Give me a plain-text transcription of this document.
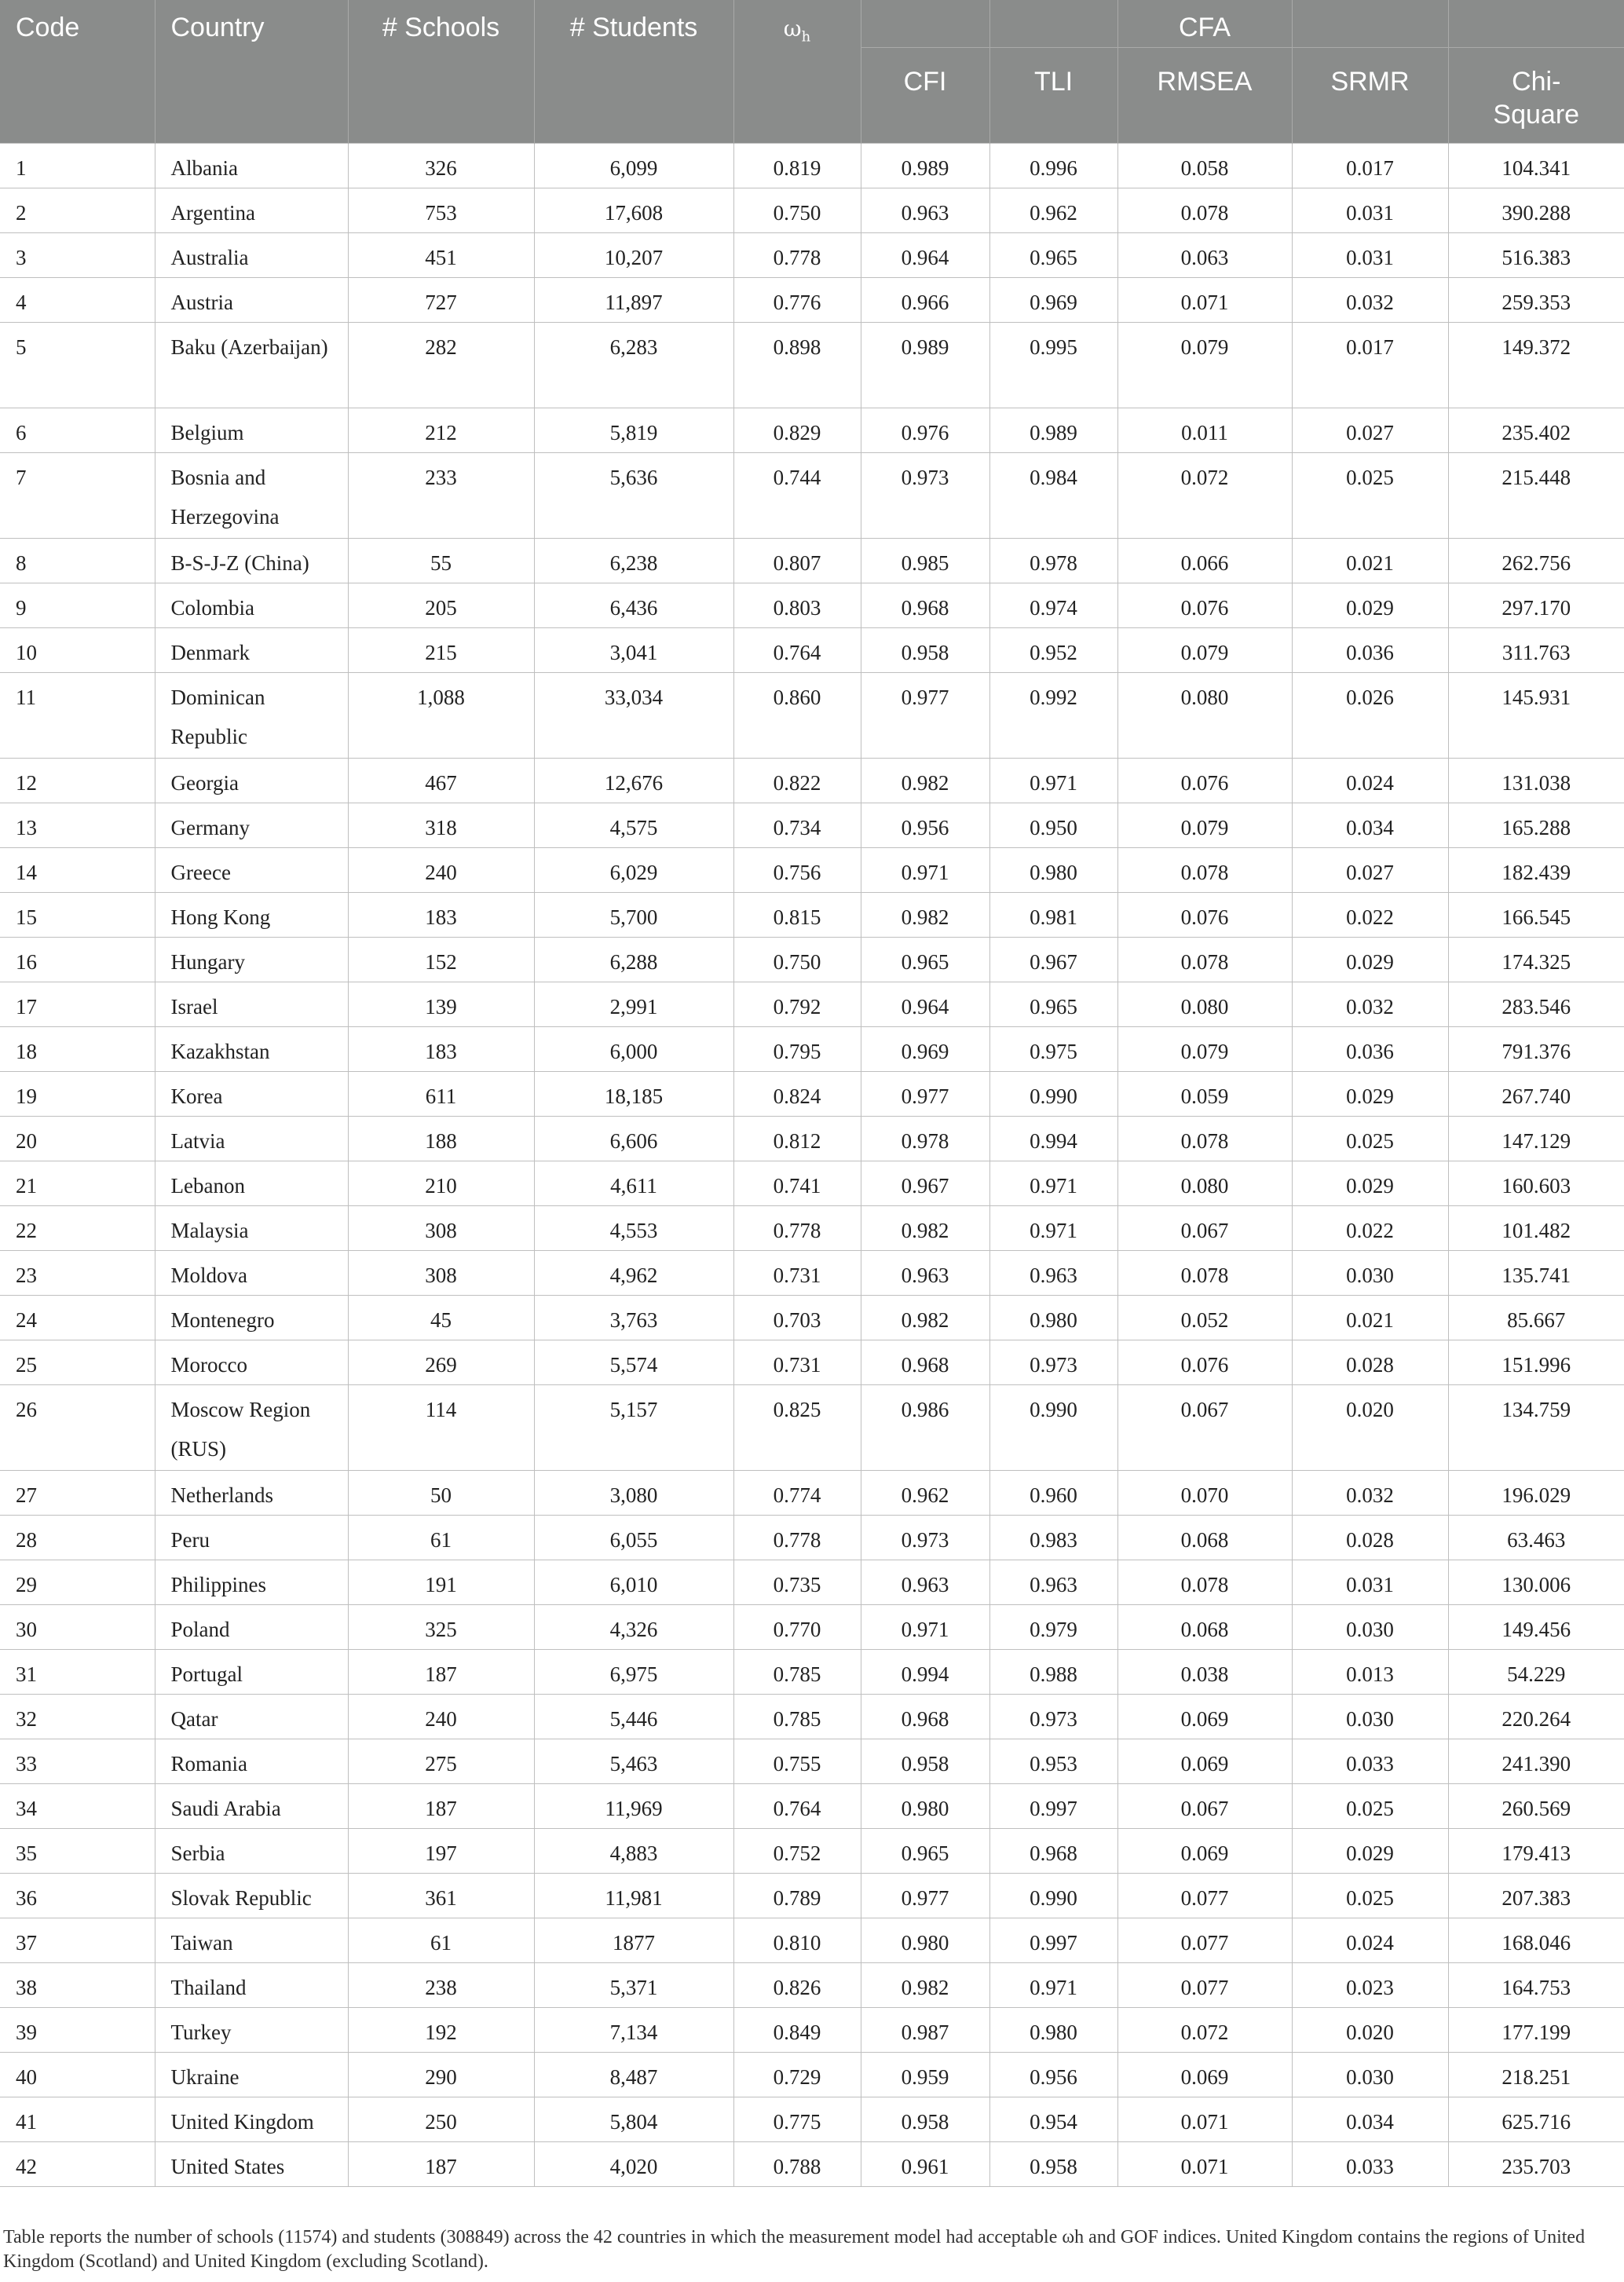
Code	Country	# Schools	# Students	$\omega_h$			CFA		
					CFI	TLI	RMSEA	SRMR	Chi-
Square
1	Albania	326	6,099	0.819	0.989	0.996	0.058	0.017	104.341
2	Argentina	753	17,608	0.750	0.963	0.962	0.078	0.031	390.288
3	Australia	451	10,207	0.778	0.964	0.965	0.063	0.031	516.383
4	Austria	727	11,897	0.776	0.966	0.969	0.071	0.032	259.353
5	Baku (Azerbaijan)	282	6,283	0.898	0.989	0.995	0.079	0.017	149.372
6	Belgium	212	5,819	0.829	0.976	0.989	0.011	0.027	235.402
7	Bosnia and Herzegovina	233	5,636	0.744	0.973	0.984	0.072	0.025	215.448
8	B-S-J-Z (China)	55	6,238	0.807	0.985	0.978	0.066	0.021	262.756
9	Colombia	205	6,436	0.803	0.968	0.974	0.076	0.029	297.170
10	Denmark	215	3,041	0.764	0.958	0.952	0.079	0.036	311.763
11	Dominican Republic	1,088	33,034	0.860	0.977	0.992	0.080	0.026	145.931
12	Georgia	467	12,676	0.822	0.982	0.971	0.076	0.024	131.038
13	Germany	318	4,575	0.734	0.956	0.950	0.079	0.034	165.288
14	Greece	240	6,029	0.756	0.971	0.980	0.078	0.027	182.439
15	Hong Kong	183	5,700	0.815	0.982	0.981	0.076	0.022	166.545
16	Hungary	152	6,288	0.750	0.965	0.967	0.078	0.029	174.325
17	Israel	139	2,991	0.792	0.964	0.965	0.080	0.032	283.546
18	Kazakhstan	183	6,000	0.795	0.969	0.975	0.079	0.036	791.376
19	Korea	611	18,185	0.824	0.977	0.990	0.059	0.029	267.740
20	Latvia	188	6,606	0.812	0.978	0.994	0.078	0.025	147.129
21	Lebanon	210	4,611	0.741	0.967	0.971	0.080	0.029	160.603
22	Malaysia	308	4,553	0.778	0.982	0.971	0.067	0.022	101.482
23	Moldova	308	4,962	0.731	0.963	0.963	0.078	0.030	135.741
24	Montenegro	45	3,763	0.703	0.982	0.980	0.052	0.021	85.667
25	Morocco	269	5,574	0.731	0.968	0.973	0.076	0.028	151.996
26	Moscow Region (RUS)	114	5,157	0.825	0.986	0.990	0.067	0.020	134.759
27	Netherlands	50	3,080	0.774	0.962	0.960	0.070	0.032	196.029
28	Peru	61	6,055	0.778	0.973	0.983	0.068	0.028	63.463
29	Philippines	191	6,010	0.735	0.963	0.963	0.078	0.031	130.006
30	Poland	325	4,326	0.770	0.971	0.979	0.068	0.030	149.456
31	Portugal	187	6,975	0.785	0.994	0.988	0.038	0.013	54.229
32	Qatar	240	5,446	0.785	0.968	0.973	0.069	0.030	220.264
33	Romania	275	5,463	0.755	0.958	0.953	0.069	0.033	241.390
34	Saudi Arabia	187	11,969	0.764	0.980	0.997	0.067	0.025	260.569
35	Serbia	197	4,883	0.752	0.965	0.968	0.069	0.029	179.413
36	Slovak Republic	361	11,981	0.789	0.977	0.990	0.077	0.025	207.383
37	Taiwan	61	1877	0.810	0.980	0.997	0.077	0.024	168.046
38	Thailand	238	5,371	0.826	0.982	0.971	0.077	0.023	164.753
39	Turkey	192	7,134	0.849	0.987	0.980	0.072	0.020	177.199
40	Ukraine	290	8,487	0.729	0.959	0.956	0.069	0.030	218.251
41	United Kingdom	250	5,804	0.775	0.958	0.954	0.071	0.034	625.716
42	United States	187	4,020	0.788	0.961	0.958	0.071	0.033	235.703
Table reports the number of schools (11574) and students (308849) across the 42 countries in which the measurement model had acceptable ωh and GOF indices. United Kingdom contains the regions of United Kingdom (Scotland) and United Kingdom (excluding Scotland).
